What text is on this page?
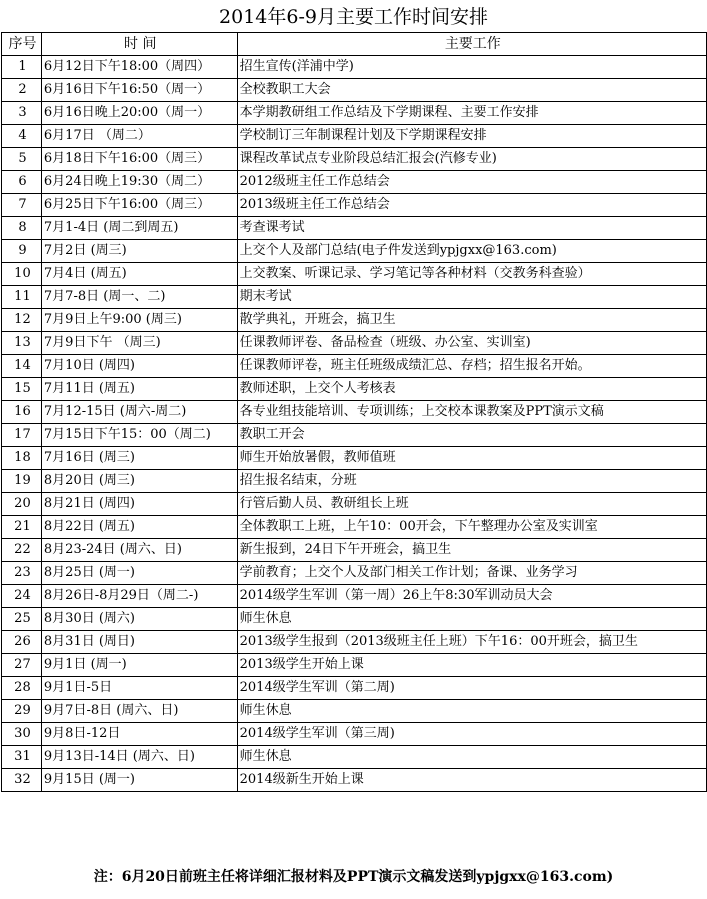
2014年6-9月主要工作时间安排
序号	时 间	主要工作
1	6月12日下午18:00（周四）	招生宣传(洋浦中学)
2	6月16日下午16:50（周一）	全校教职工大会
3	6月16日晚上20:00（周一）	本学期教研组工作总结及下学期课程、主要工作安排
4	6月17日 （周二）	学校制订三年制课程计划及下学期课程安排
5	6月18日下午16:00（周三）	课程改革试点专业阶段总结汇报会(汽修专业)
6	6月24日晚上19:30（周二）	2012级班主任工作总结会
7	6月25日下午16:00（周三）	2013级班主任工作总结会
8	7月1-4日 (周二到周五)	考查课考试
9	7月2日 (周三)	上交个人及部门总结(电子件发送到ypjgxx@163.com)
10	7月4日 (周五)	上交教案、听课记录、学习笔记等各种材料（交教务科查验）
11	7月7-8日 (周一、二)	期末考试
12	7月9日上午9:00 (周三)	散学典礼，开班会，搞卫生
13	7月9日下午 （周三)	任课教师评卷、备品检查（班级、办公室、实训室)
14	7月10日 (周四)	任课教师评卷，班主任班级成绩汇总、存档；招生报名开始。
15	7月11日 (周五)	教师述职，上交个人考核表
16	7月12-15日 (周六-周二)	各专业组技能培训、专项训练；上交校本课教案及PPT演示文稿
17	7月15日下午15：00（周二)	教职工开会
18	7月16日 (周三)	师生开始放暑假，教师值班
19	8月20日 (周三)	招生报名结束，分班
20	8月21日 (周四)	行管后勤人员、教研组长上班
21	8月22日 (周五)	全体教职工上班，上午10：00开会，下午整理办公室及实训室
22	8月23-24日 (周六、日)	新生报到，24日下午开班会，搞卫生
23	8月25日 (周一)	学前教育；上交个人及部门相关工作计划；备课、业务学习
24	8月26日-8月29日（周二-)	2014级学生军训（第一周）26上午8:30军训动员大会
25	8月30日 (周六)	师生休息
26	8月31日 (周日)	2013级学生报到（2013级班主任上班）下午16：00开班会，搞卫生
27	9月1日 (周一)	2013级学生开始上课
28	9月1日-5日	2014级学生军训（第二周)
29	9月7日-8日 (周六、日)	师生休息
30	9月8日-12日	2014级学生军训（第三周)
31	9月13日-14日 (周六、日)	师生休息
32	9月15日 (周一)	2014级新生开始上课
注：6月20日前班主任将详细汇报材料及PPT演示文稿发送到ypjgxx@163.com)
